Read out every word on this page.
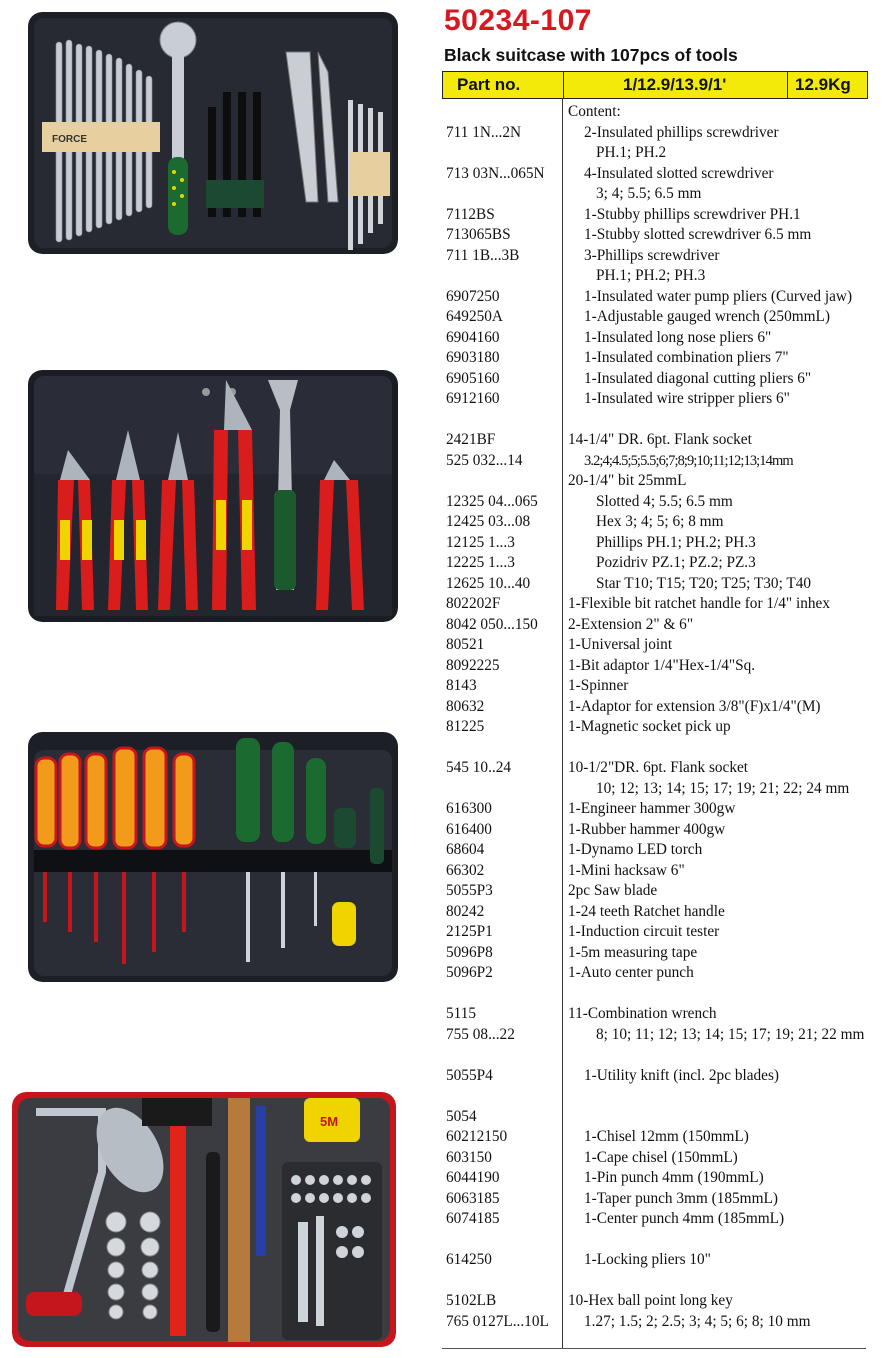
FORCE
5M
50234-107
Black suitcase with 107pcs of tools
Part no.	1/12.9/13.9/1'	12.9Kg
Content:
711 1N...2N	2-Insulated phillips screwdriver
PH.1; PH.2
713 03N...065N	4-Insulated slotted screwdriver
3; 4; 5.5; 6.5 mm
7112BS	1-Stubby phillips screwdriver PH.1
713065BS	1-Stubby slotted screwdriver 6.5 mm
711 1B...3B	3-Phillips screwdriver
PH.1; PH.2; PH.3
6907250	1-Insulated water pump pliers (Curved jaw)
649250A	1-Adjustable gauged wrench (250mmL)
6904160	1-Insulated long nose pliers 6"
6903180	1-Insulated combination pliers 7"
6905160	1-Insulated diagonal cutting pliers 6"
6912160	1-Insulated wire stripper pliers 6"
2421BF	14-1/4" DR. 6pt. Flank socket
525 032...14	3.2;4;4.5;5;5.5;6;7;8;9;10;11;12;13;14mm
20-1/4" bit 25mmL
12325 04...065	Slotted 4; 5.5; 6.5 mm
12425 03...08	Hex 3; 4; 5; 6; 8 mm
12125 1...3	Phillips PH.1; PH.2; PH.3
12225 1...3	Pozidriv PZ.1; PZ.2; PZ.3
12625 10...40	Star T10; T15; T20; T25; T30; T40
802202F	1-Flexible bit ratchet handle for 1/4" inhex
8042 050...150 2-Extension 2" & 6"
80521	1-Universal joint
8092225	1-Bit adaptor 1/4"Hex-1/4"Sq.
8143	1-Spinner
80632	1-Adaptor for extension 3/8"(F)x1/4"(M)
81225	1-Magnetic socket pick up
545 10..24	10-1/2"DR. 6pt. Flank socket
10; 12; 13; 14; 15; 17; 19; 21; 22; 24 mm
616300	1-Engineer hammer 300gw
616400	1-Rubber hammer 400gw
68604	1-Dynamo LED torch
66302	1-Mini hacksaw 6"
5055P3	2pc Saw blade
80242	1-24 teeth Ratchet handle
2125P1	1-Induction circuit tester
5096P8	1-5m measuring tape
5096P2	1-Auto center punch
5115	11-Combination wrench
755 08...22	8; 10; 11; 12; 13; 14; 15; 17; 19; 21; 22 mm
5055P4	1-Utility knift (incl. 2pc blades)
5054
60212150	1-Chisel 12mm (150mmL)
603150	1-Cape chisel (150mmL)
6044190	1-Pin punch 4mm (190mmL)
6063185	1-Taper punch 3mm (185mmL)
6074185	1-Center punch 4mm (185mmL)
614250	1-Locking pliers 10"
5102LB	10-Hex ball point long key
765 0127L...10L 1.27; 1.5; 2; 2.5; 3; 4; 5; 6; 8; 10 mm
